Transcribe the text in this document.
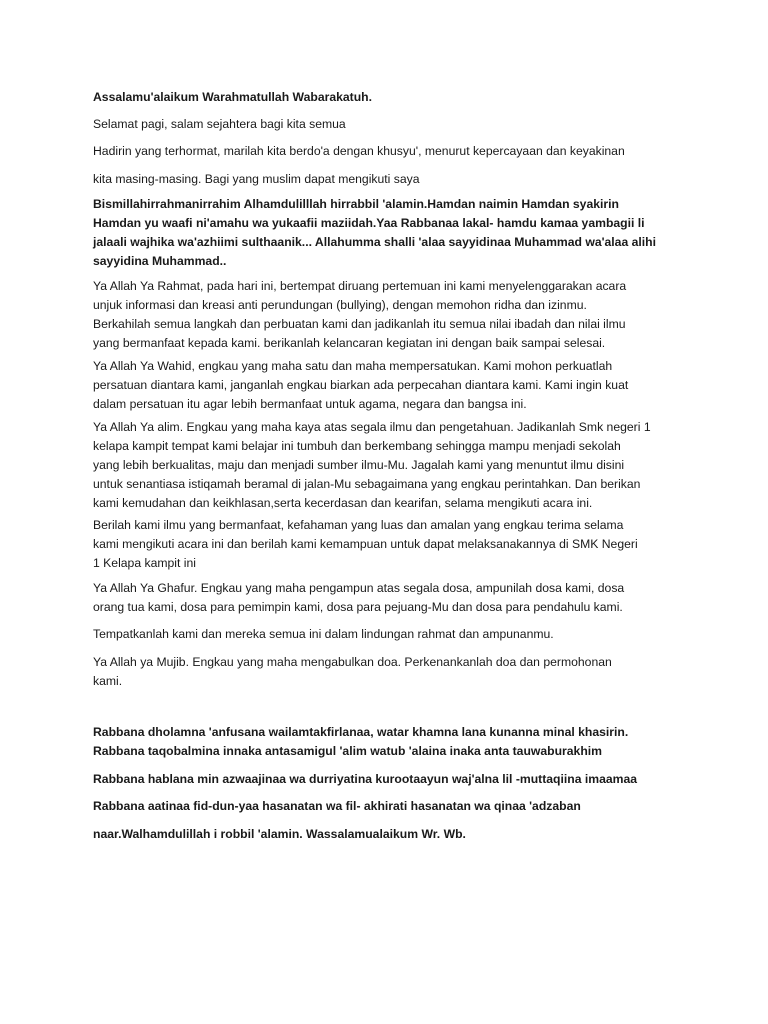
Assalamu'alaikum Warahmatullah Wabarakatuh.

Selamat pagi, salam sejahtera bagi kita semua

Hadirin yang terhormat, marilah kita berdo'a dengan khusyu', menurut kepercayaan dan keyakinan

kita masing-masing. Bagi yang muslim dapat mengikuti saya

Bismillahirrahmanirrahim Alhamdulilllah hirrabbil 'alamin.Hamdan naimin Hamdan syakirin
Hamdan yu waafi ni'amahu wa yukaafii maziidah.Yaa Rabbanaa lakal- hamdu kamaa yambagii li
jalaali wajhika wa'azhiimi sulthaanik... Allahumma shalli 'alaa sayyidinaa Muhammad wa'alaa alihi
sayyidina Muhammad..

Ya Allah Ya Rahmat, pada hari ini, bertempat diruang pertemuan ini kami menyelenggarakan acara
unjuk informasi dan kreasi anti perundungan (bullying), dengan memohon ridha dan izinmu.
Berkahilah semua langkah dan perbuatan kami dan jadikanlah itu semua nilai ibadah dan nilai ilmu
yang bermanfaat kepada kami. berikanlah kelancaran kegiatan ini dengan baik sampai selesai.

Ya Allah Ya Wahid, engkau yang maha satu dan maha mempersatukan. Kami mohon perkuatlah
persatuan diantara kami, janganlah engkau biarkan ada perpecahan diantara kami. Kami ingin kuat
dalam persatuan itu agar lebih bermanfaat untuk agama, negara dan bangsa ini.

Ya Allah Ya alim. Engkau yang maha kaya atas segala ilmu dan pengetahuan. Jadikanlah Smk negeri 1
kelapa kampit tempat kami belajar ini tumbuh dan berkembang sehingga mampu menjadi sekolah
yang lebih berkualitas, maju dan menjadi sumber ilmu-Mu. Jagalah kami yang menuntut ilmu disini
untuk senantiasa istiqamah beramal di jalan-Mu sebagaimana yang engkau perintahkan. Dan berikan
kami kemudahan dan keikhlasan,serta kecerdasan dan kearifan, selama mengikuti acara ini.

Berilah kami ilmu yang bermanfaat, kefahaman yang luas dan amalan yang engkau terima selama
kami mengikuti acara ini dan berilah kami kemampuan untuk dapat melaksanakannya di SMK Negeri
1 Kelapa kampit ini

Ya Allah Ya Ghafur. Engkau yang maha pengampun atas segala dosa, ampunilah dosa kami, dosa
orang tua kami, dosa para pemimpin kami, dosa para pejuang-Mu dan dosa para pendahulu kami.

Tempatkanlah kami dan mereka semua ini dalam lindungan rahmat dan ampunanmu.

Ya Allah ya Mujib. Engkau yang maha mengabulkan doa. Perkenankanlah doa dan permohonan
kami.

Rabbana dholamna 'anfusana wailamtakfirlanaa, watar khamna lana kunanna minal khasirin.
Rabbana taqobalmina innaka antasamigul 'alim watub 'alaina inaka anta tauwaburakhim

Rabbana hablana min azwaajinaa wa durriyatina kurootaayun waj'alna lil -muttaqiina imaamaa

Rabbana aatinaa fid-dun-yaa hasanatan wa fil- akhirati hasanatan wa qinaa 'adzaban

naar.Walhamdulillah i robbil 'alamin. Wassalamualaikum Wr. Wb.
